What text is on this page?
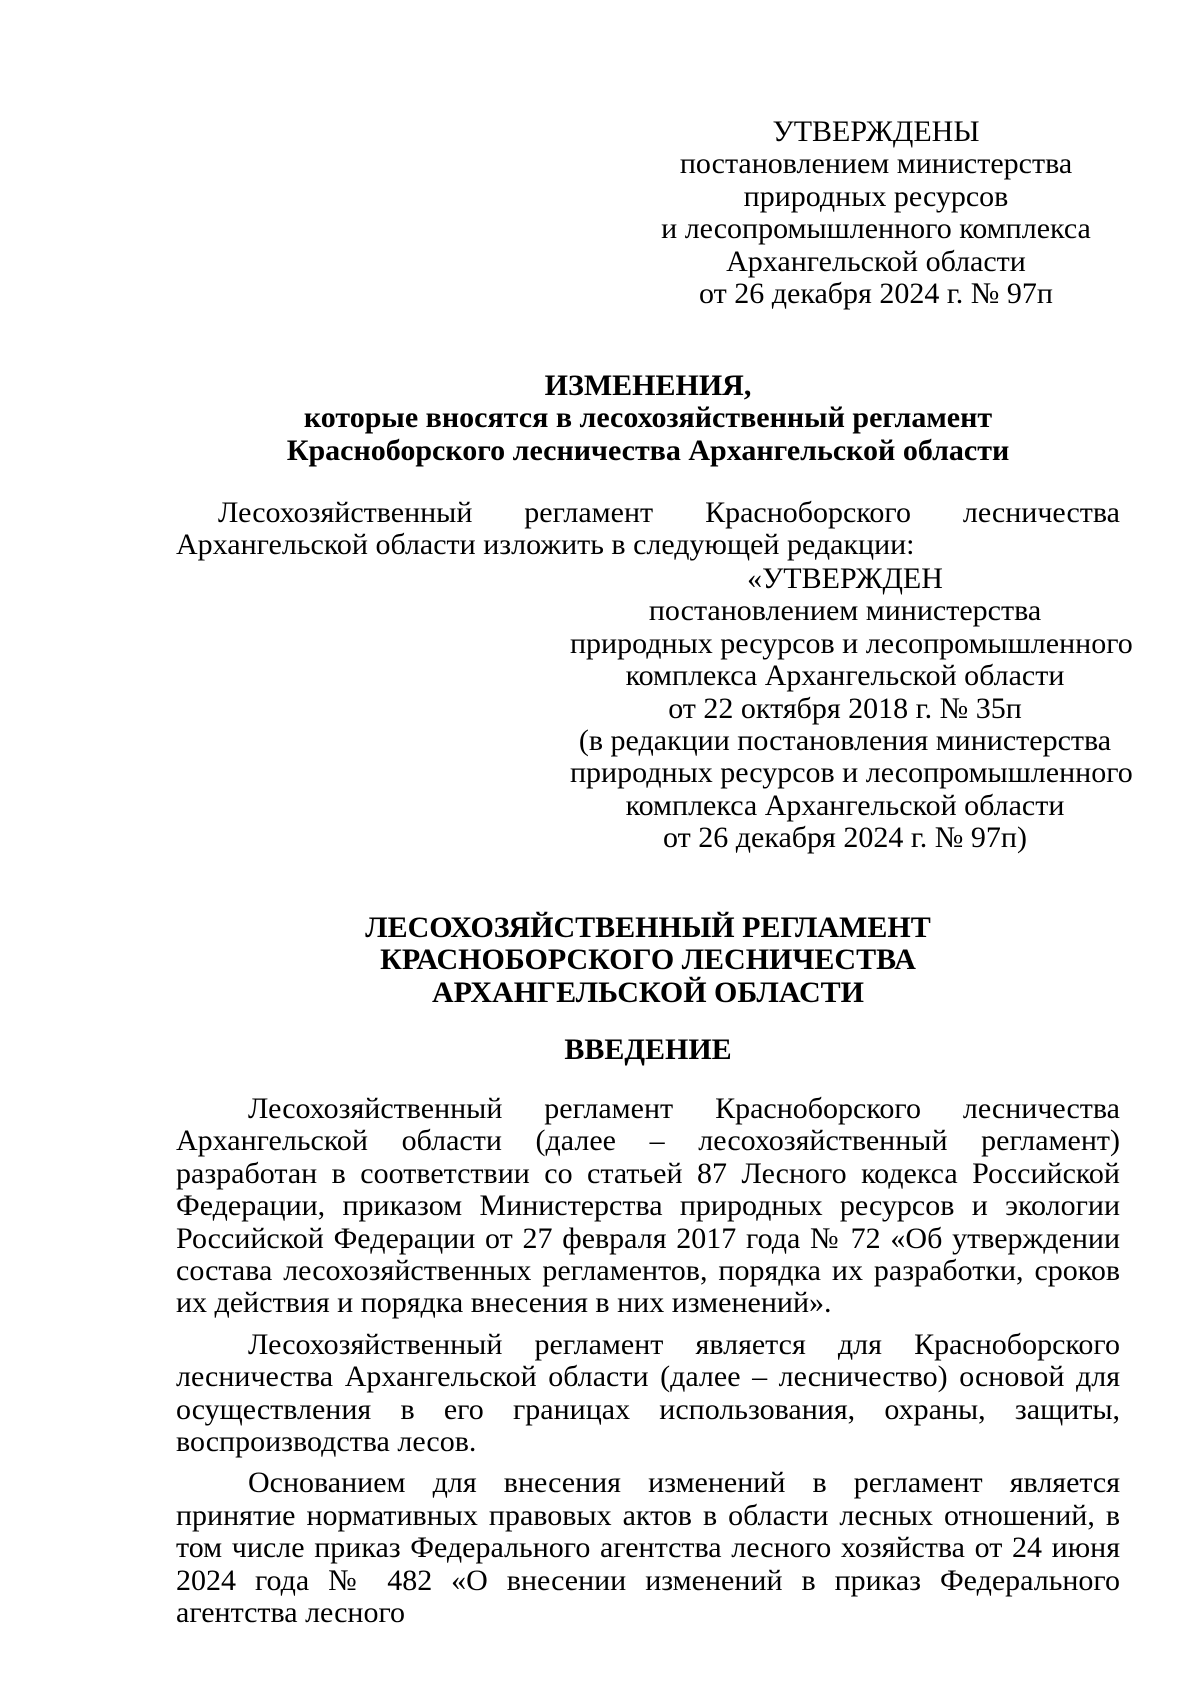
УТВЕРЖДЕНЫ
постановлением министерства
природных ресурсов
и лесопромышленного комплекса
Архангельской области
от 26 декабря 2024 г. № 97п
ИЗМЕНЕНИЯ,
которые вносятся в лесохозяйственный регламент
Красноборского лесничества Архангельской области
Лесохозяйственный регламент Красноборского лесничества
Архангельской области изложить в следующей редакции:
«УТВЕРЖДЕН
постановлением министерства
природных ресурсов и лесопромышленного
комплекса Архангельской области
от 22 октября 2018 г. № 35п
(в редакции постановления министерства
природных ресурсов и лесопромышленного
комплекса Архангельской области
от 26 декабря 2024 г. № 97п)
ЛЕСОХОЗЯЙСТВЕННЫЙ РЕГЛАМЕНТ
КРАСНОБОРСКОГО ЛЕСНИЧЕСТВА
АРХАНГЕЛЬСКОЙ ОБЛАСТИ
ВВЕДЕНИЕ

Лесохозяйственный регламент Красноборского лесничества Архангельской области (далее – лесохозяйственный регламент) разработан в соответствии со статьей 87 Лесного кодекса Российской Федерации, приказом Министерства природных ресурсов и экологии Российской Федерации от 27 февраля 2017 года № 72 «Об утверждении состава лесохозяйственных регламентов, порядка их разработки, сроков их действия и порядка внесения в них изменений».

Лесохозяйственный регламент является для Красноборского лесничества Архангельской области (далее – лесничество) основой для осуществления в его границах использования, охраны, защиты, воспроизводства лесов.

Основанием для внесения изменений в регламент является принятие нормативных правовых актов в области лесных отношений, в том числе приказ Федерального агентства лесного хозяйства от 24 июня 2024 года № 482 «О внесении изменений в приказ Федерального агентства лесного
